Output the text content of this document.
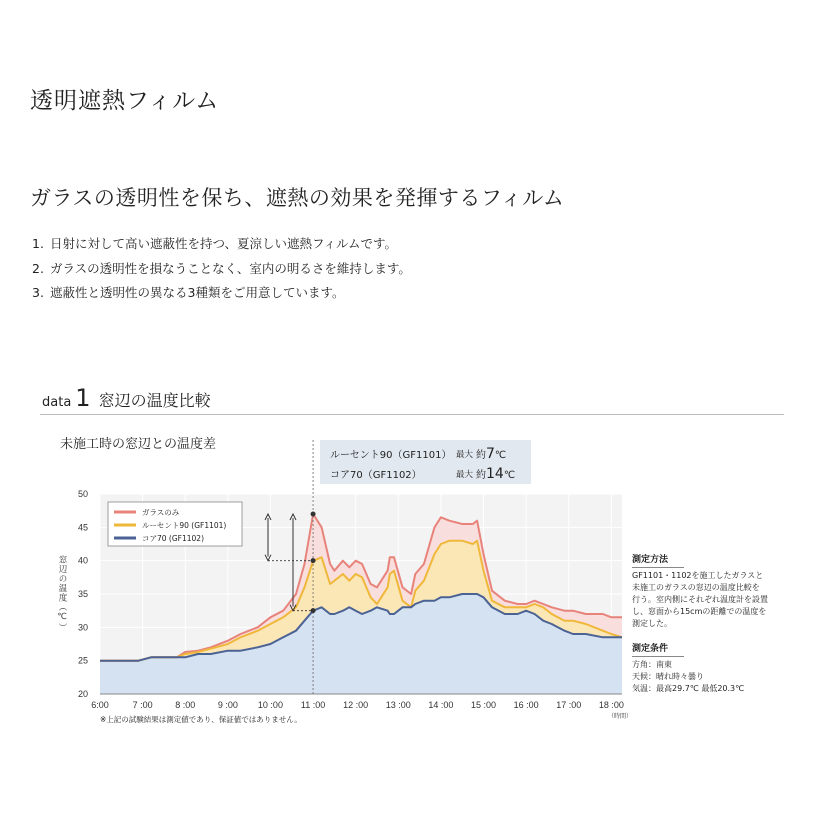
透明遮熱フィルム
ガラスの透明性を保ち、遮熱の効果を発揮するフィルム
1. 日射に対して高い遮蔽性を持つ、夏涼しい遮熱フィルムです。
2. ガラスの透明性を損なうことなく、室内の明るさを維持します。
3. 遮蔽性と透明性の異なる3種類をご用意しています。
data 1 窓辺の温度比較
未施工時の窓辺との温度差
20
25
30
35
40
45
50
6:00	7 :00	8 :00	9 :00 10 :00 11 :00 12 :00 13 :00 14 :00 15 :00 16 :00 17 :00 18 :00
（時間）
窓辺の温度（℃）
ガラスのみ
ルーセント90 (GF1101)
コア70 (GF1102)
ルーセント90（GF1101） 最大 約7℃
コア70（GF1102）	最大 約14℃
測定方法
GF1101・1102を施工したガラスと
未施工のガラスの窓辺の温度比較を
行う。室内側にそれぞれ温度計を設置
し、窓面から15cmの距離での温度を
測定した。
測定条件
方角：南東
天候：晴れ時々曇り
気温：最高29.7℃ 最低20.3℃
※上記の試験結果は測定値であり、保証値ではありません。
